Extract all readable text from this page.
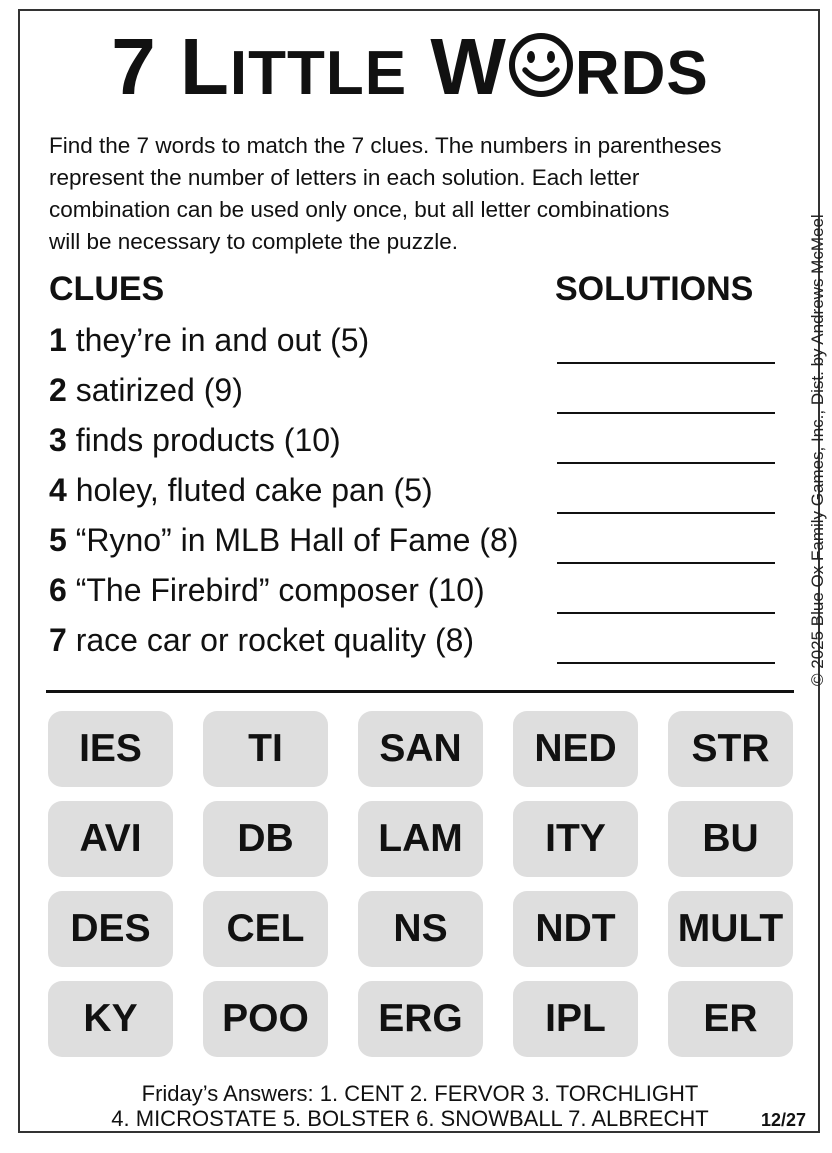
7 LITTLE W RDS

Find the 7 words to match the 7 clues. The numbers in parentheses

represent the number of letters in each solution. Each letter

combination can be used only once, but all letter combinations

will be necessary to complete the puzzle.	© 2025 Blue Ox Family Games, Inc., Dist. by Andrews McMeel
CLUES	SOLUTIONS
1 they’re in and out (5)
2 satirized (9)
3 finds products (10)
4 holey, fluted cake pan (5)
5 “Ryno” in MLB Hall of Fame (8)
6 “The Firebird” composer (10)
7 race car or rocket quality (8)
IES	TI	SAN	NED	STR
AVI	DB	LAM	ITY	BU
DES	CEL	NS	NDT	MULT
KY	POO	ERG	IPL	ER
Friday’s Answers: 1. CENT 2. FERVOR 3. TORCHLIGHT
4. MICROSTATE 5. BOLSTER 6. SNOWBALL 7. ALBRECHT	12/27
